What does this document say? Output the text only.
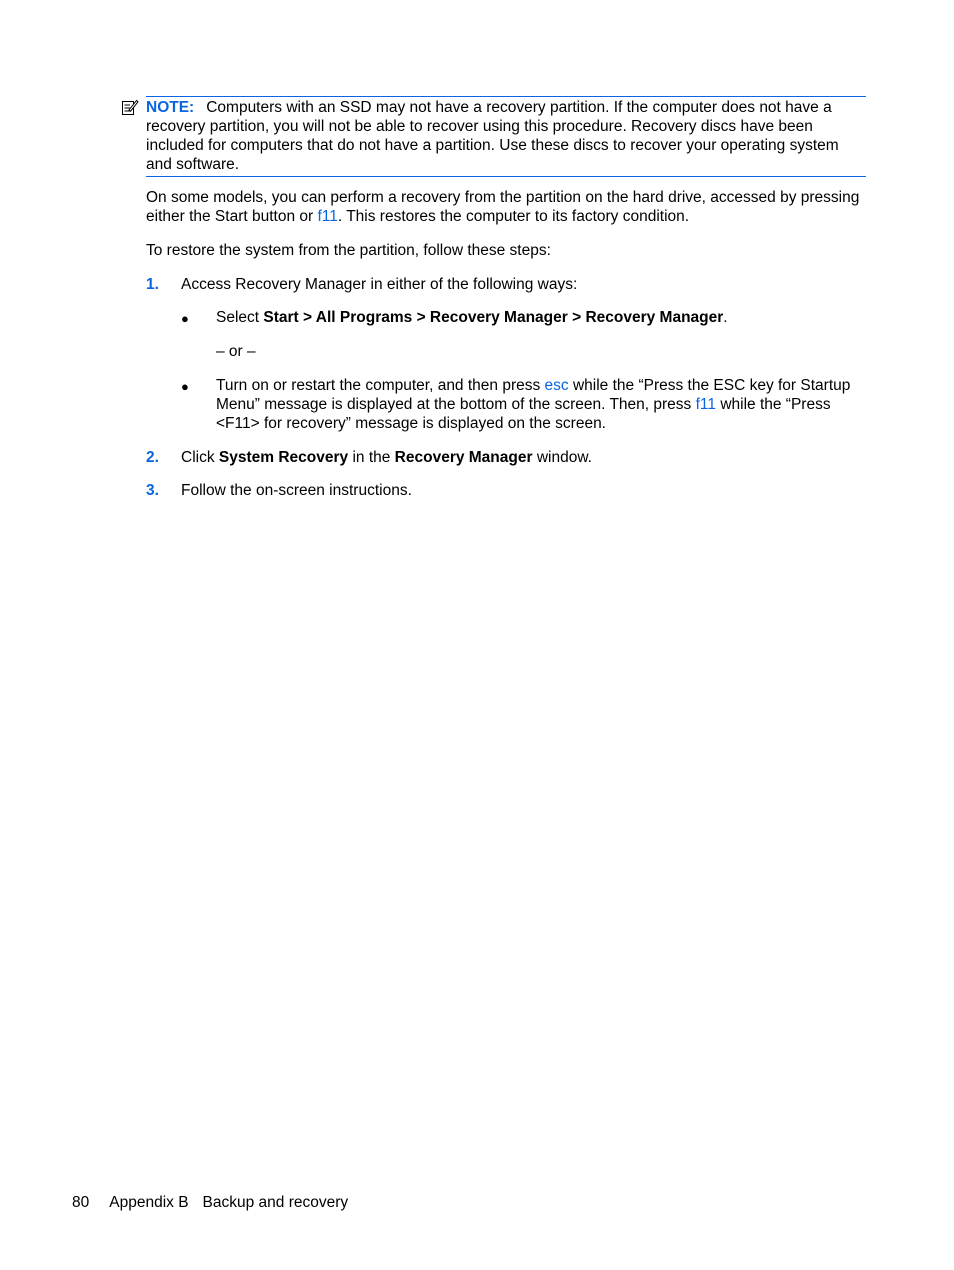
NOTE: Computers with an SSD may not have a recovery partition. If the computer does not have a recovery partition, you will not be able to recover using this procedure. Recovery discs have been included for computers that do not have a partition. Use these discs to recover your operating system and software.
On some models, you can perform a recovery from the partition on the hard drive, accessed by pressing either the Start button or f11. This restores the computer to its factory condition.
To restore the system from the partition, follow these steps:
1.	Access Recovery Manager in either of the following ways:
●	Select Start > All Programs > Recovery Manager > Recovery Manager.
– or –
●	Turn on or restart the computer, and then press esc while the “Press the ESC key for Startup Menu” message is displayed at the bottom of the screen. Then, press f11 while the “Press <F11> for recovery” message is displayed on the screen.
2.	Click System Recovery in the Recovery Manager window.
3.	Follow the on-screen instructions.
80 Appendix B Backup and recovery
